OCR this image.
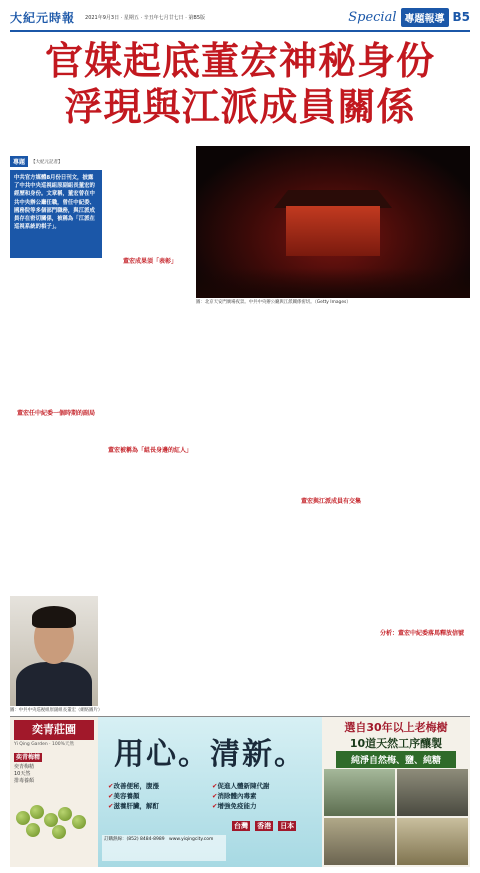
大紀元時報 2021年9月3日 · 星期五 · 辛丑年七月廿七日 · 第B5版	Special 專題報導 B5
官媒起底董宏神秘身份
浮現與江派成員關係
專題	【大紀元記者】
中共官方媒體8月份日刊文，披露了中共中央巡視組原副組長董宏的經歷和身份。文章稱，董宏曾在中共中央辦公廳任職，曾任中紀委、國務院等多個部門職務，與江派成員存在密切關係，被稱為「江派在巡視系統的棋子」。
董宏任中紀委一個時期的副局
董宏成果須「表彰」
董宏被稱為「組長身邊的紅人」
圖：北京天安門廣場夜景。中共中央辦公廳與江派關係密切。（Getty Images）
董宏與江派成員有交集
分析：董宏中紀委落馬釋放信號
圖：中共中央巡視組原副組長董宏（網絡圖片）
奕青莊園
Yi Qing Garden · 100%天然
奕青梅精
奕青梅精
10天然
排毒養顏
用心。清新。
✔ 改善便秘，腹漲
✔ 美容養顏
✔ 滋養肝臟，解酊
✔ 促進人體新陳代謝
✔ 消除體內毒素
✔ 增強免疫能力
台灣 香港 日本
訂購熱線：(852) 8484-8989　www.yiqingcity.com
選自30年以上老梅樹
10道天然工序釀製
純淨自然梅、鹽、純糖
